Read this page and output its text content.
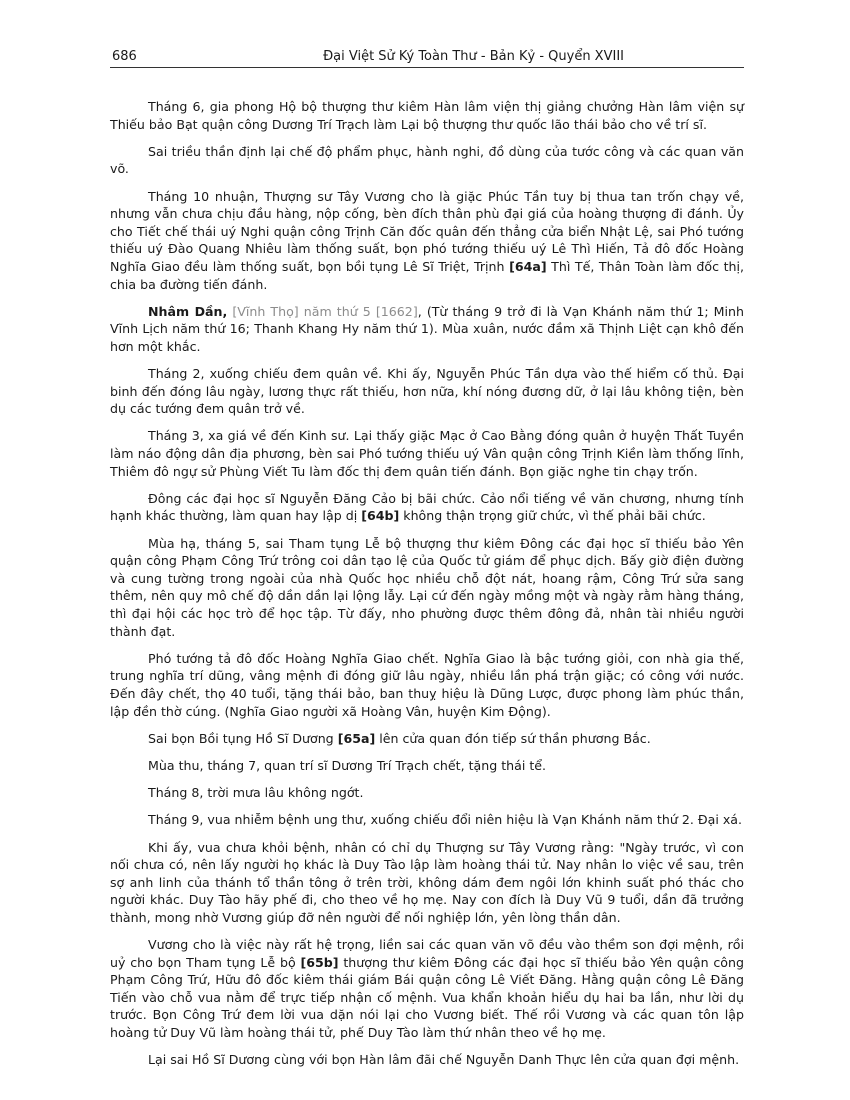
686	Đại Việt Sử Ký Toàn Thư - Bản Kỷ - Quyển XVIII

Tháng 6, gia phong Hộ bộ thượng thư kiêm Hàn lâm viện thị giảng chưởng Hàn lâm viện sự Thiếu bảo Bạt quận công Dương Trí Trạch làm Lại bộ thượng thư quốc lão thái bảo cho về trí sĩ.

Sai triều thần định lại chế độ phẩm phục, hành nghi, đồ dùng của tước công và các quan văn võ.

Tháng 10 nhuận, Thượng sư Tây Vương cho là giặc Phúc Tần tuy bị thua tan trốn chạy về, nhưng vẫn chưa chịu đầu hàng, nộp cống, bèn đích thân phù đại giá của hoàng thượng đi đánh. Ủy cho Tiết chế thái uý Nghi quận công Trịnh Căn đốc quân đến thẳng cửa biển Nhật Lệ, sai Phó tướng thiếu uý Đào Quang Nhiêu làm thống suất, bọn phó tướng thiếu uý Lê Thì Hiến, Tả đô đốc Hoàng Nghĩa Giao đều làm thống suất, bọn bồi tụng Lê Sĩ Triệt, Trịnh [64a] Thì Tế, Thân Toàn làm đốc thị, chia ba đường tiến đánh.

Nhâm Dần, [Vĩnh Thọ] năm thứ 5 [1662], (Từ tháng 9 trở đi là Vạn Khánh năm thứ 1; Minh Vĩnh Lịch năm thứ 16; Thanh Khang Hy năm thứ 1). Mùa xuân, nước đầm xã Thịnh Liệt cạn khô đến hơn một khắc.

Tháng 2, xuống chiếu đem quân về. Khi ấy, Nguyễn Phúc Tần dựa vào thế hiểm cố thủ. Đại binh đến đóng lâu ngày, lương thực rất thiếu, hơn nữa, khí nóng đương dữ, ở lại lâu không tiện, bèn dụ các tướng đem quân trở về.

Tháng 3, xa giá về đến Kinh sư. Lại thấy giặc Mạc ở Cao Bằng đóng quân ở huyện Thất Tuyền làm náo động dân địa phương, bèn sai Phó tướng thiếu uý Vân quận công Trịnh Kiền làm thống lĩnh, Thiêm đô ngự sử Phùng Viết Tu làm đốc thị đem quân tiến đánh. Bọn giặc nghe tin chạy trốn.

Đông các đại học sĩ Nguyễn Đăng Cảo bị bãi chức. Cảo nổi tiếng về văn chương, nhưng tính hạnh khác thường, làm quan hay lập dị [64b] không thận trọng giữ chức, vì thế phải bãi chức.

Mùa hạ, tháng 5, sai Tham tụng Lễ bộ thượng thư kiêm Đông các đại học sĩ thiếu bảo Yên quận công Phạm Công Trứ trông coi dân tạo lệ của Quốc tử giám để phục dịch. Bấy giờ điện đường và cung tường trong ngoài của nhà Quốc học nhiều chỗ đột nát, hoang rậm, Công Trứ sửa sang thêm, nên quy mô chế độ dần dần lại lộng lẫy. Lại cứ đến ngày mồng một và ngày rằm hàng tháng, thì đại hội các học trò để học tập. Từ đấy, nho phường được thêm đông đả, nhân tài nhiều người thành đạt.

Phó tướng tả đô đốc Hoàng Nghĩa Giao chết. Nghĩa Giao là bậc tướng giỏi, con nhà gia thế, trung nghĩa trí dũng, vâng mệnh đi đóng giữ lâu ngày, nhiều lần phá trận giặc; có công với nước. Đến đây chết, thọ 40 tuổi, tặng thái bảo, ban thuỵ hiệu là Dũng Lược, được phong làm phúc thần, lập đền thờ cúng. (Nghĩa Giao người xã Hoàng Vân, huyện Kim Động).

Sai bọn Bồi tụng Hồ Sĩ Dương [65a] lên cửa quan đón tiếp sứ thần phương Bắc.

Mùa thu, tháng 7, quan trí sĩ Dương Trí Trạch chết, tặng thái tể.

Tháng 8, trời mưa lâu không ngớt.

Tháng 9, vua nhiễm bệnh ung thư, xuống chiếu đổi niên hiệu là Vạn Khánh năm thứ 2. Đại xá.

Khi ấy, vua chưa khỏi bệnh, nhân có chỉ dụ Thượng sư Tây Vương rằng: "Ngày trước, vì con nối chưa có, nên lấy người họ khác là Duy Tào lập làm hoàng thái tử. Nay nhân lo việc về sau, trên sợ anh linh của thánh tổ thần tông ở trên trời, không dám đem ngôi lớn khinh suất phó thác cho người khác. Duy Tào hãy phế đi, cho theo về họ mẹ. Nay con đích là Duy Vũ 9 tuổi, dần đã trưởng thành, mong nhờ Vương giúp đỡ nên người để nối nghiệp lớn, yên lòng thần dân.

Vương cho là việc này rất hệ trọng, liền sai các quan văn võ đều vào thềm son đợi mệnh, rồi uỷ cho bọn Tham tụng Lễ bộ [65b] thượng thư kiêm Đông các đại học sĩ thiếu bảo Yên quận công Phạm Công Trứ, Hữu đô đốc kiêm thái giám Bái quận công Lê Viết Đăng. Hằng quận công Lê Đăng Tiến vào chỗ vua nằm để trực tiếp nhận cố mệnh. Vua khẩn khoản hiểu dụ hai ba lần, như lời dụ trước. Bọn Công Trứ đem lời vua dặn nói lại cho Vương biết. Thế rồi Vương và các quan tôn lập hoàng tử Duy Vũ làm hoàng thái tử, phế Duy Tào làm thứ nhân theo về họ mẹ.

Lại sai Hồ Sĩ Dương cùng với bọn Hàn lâm đãi chế Nguyễn Danh Thực lên cửa quan đợi mệnh.
